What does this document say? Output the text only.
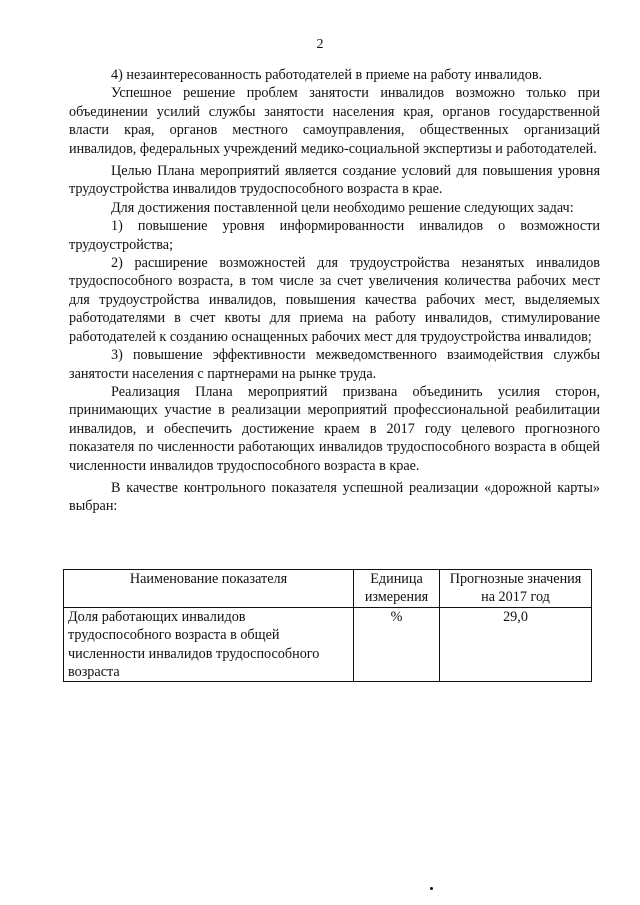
2

4) незаинтересованность работодателей в приеме на работу инвалидов.

Успешное решение проблем занятости инвалидов возможно только при объединении усилий службы занятости населения края, органов государственной власти края, органов местного самоуправления, общественных организаций инвалидов, федеральных учреждений медико-социальной экспертизы и работодателей.

Целью Плана мероприятий является создание условий для повышения уровня трудоустройства инвалидов трудоспособного возраста в крае.

Для достижения поставленной цели необходимо решение следующих задач:

1) повышение уровня информированности инвалидов о возможности трудоустройства;

2) расширение возможностей для трудоустройства незанятых инвалидов трудоспособного возраста, в том числе за счет увеличения количества рабочих мест для трудоустройства инвалидов, повышения качества рабочих мест, выделяемых работодателями в счет квоты для приема на работу инвалидов, стимулирование работодателей к созданию оснащенных рабочих мест для трудоустройства инвалидов;

3) повышение эффективности межведомственного взаимодействия службы занятости населения с партнерами на рынке труда.

Реализация Плана мероприятий призвана объединить усилия сторон, принимающих участие в реализации мероприятий профессиональной реабилитации инвалидов, и обеспечить достижение краем в 2017 году целевого прогнозного показателя по численности работающих инвалидов трудоспособного возраста в общей численности инвалидов трудоспособного возраста в крае.

В качестве контрольного показателя успешной реализации «дорожной карты» выбран:

Наименование показателя	Единица измерения	Прогнозные значения на 2017 год
Доля работающих инвалидов трудоспособного возраста в общей численности инвалидов трудоспособного возраста	%	29,0
